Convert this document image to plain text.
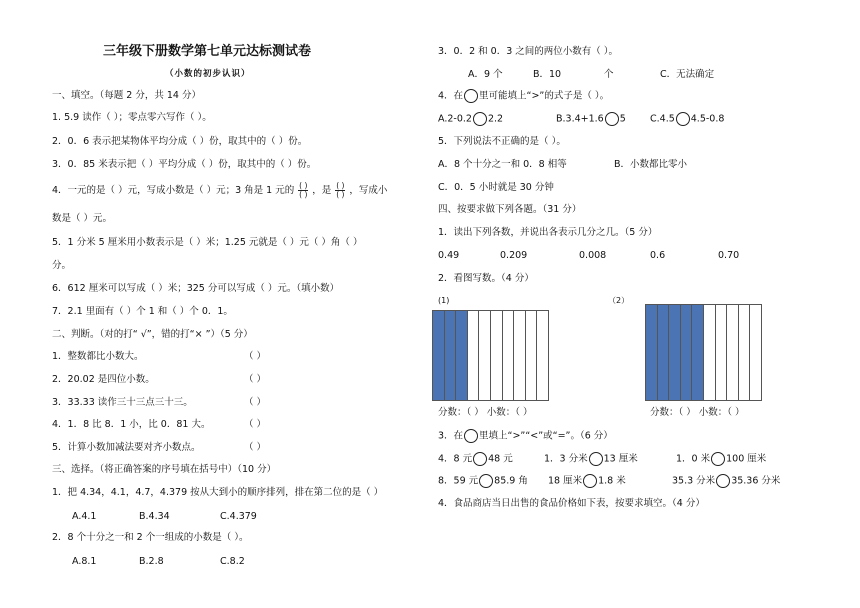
三年级下册数学第七单元达标测试卷
（小数的初步认识）
一、填空。（每题 2 分，共 14 分）
1. 5.9 读作（ ）；零点零六写作（ ）。
2．0．6 表示把某物体平均分成（ ）份，取其中的（ ）份。
3．0．85 米表示把（ ）平均分成（ ）份，取其中的（ ）份。
4．一元的是（ ）元，写成小数是（ ）元；3 角是 1 元的 $\frac{( )}{( )}$ ，是 $\frac{( )}{( )}$ ，写成小
数是（ ）元。
5．1 分米 5 厘米用小数表示是（ ）米；1.25 元就是（ ）元（ ）角（ ）
分。
6．612 厘米可以写成（ ）米；325 分可以写成（ ）元。（填小数）
7．2.1 里面有（ ）个 1 和（ ）个 0．1。
二、判断。（对的打“ √”，错的打“× ”）（5 分）
1．整数都比小数大。	（ ）
2．20.02 是四位小数。	（ ）
3．33.33 读作三十三点三十三。	（ ）
4．1．8 比 8．1 小，比 0．81 大。	（ ）
5．计算小数加减法要对齐小数点。	（ ）
三、选择。（将正确答案的序号填在括号中）（10 分）
1．把 4.34，4.1，4.7，4.379 按从大到小的顺序排列，排在第二位的是（ ）
A.4.1	B.4.34	C.4.379
2．8 个十分之一和 2 个一组成的小数是（ ）。
A.8.1	B.2.8	C.8.2
3．0．2 和 0．3 之间的两位小数有（ ）。
A．9 个	B．10	个	C．无法确定
4．在 里可能填上“>”的式子是（ ）。
A.2-0.2 2.2	B.3.4+1.6 5	C.4.5 4.5-0.8
5．下列说法不正确的是（ ）。
A．8 个十分之一和 0．8 相等	B．小数都比零小
C．0．5 小时就是 30 分钟
四、按要求做下列各题。（31 分）
1．读出下列各数，并说出各表示几分之几。（5 分）
0.49	0.209	0.008	0.6	0.70
2．看图写数。（4 分）
(1)	（2）
分数：（ ） 小数：（ ）	分数：（ ） 小数：（ ）
3．在 里填上“>”“<”或“=”。（6 分）
4．8 元 48 元	1．3 分米 13 厘米	1．0 米 100 厘米
8．59 元 85.9 角 18 厘米 1.8 米	35.3 分米 35.36 分米
4．食品商店当日出售的食品价格如下表，按要求填空。（4 分）
